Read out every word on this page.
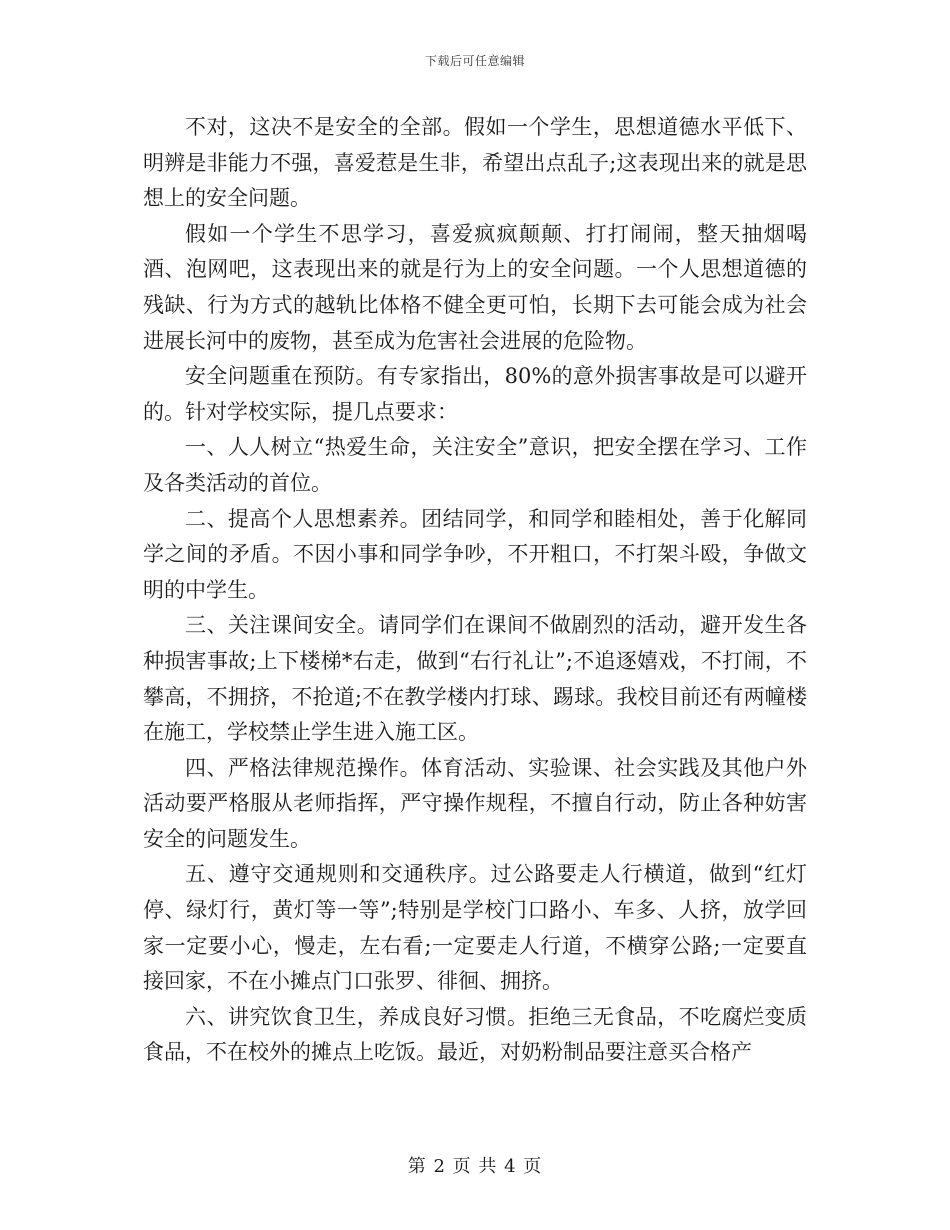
下载后可任意编辑

不对，这决不是安全的全部。假如一个学生，思想道德水平低下、明辨是非能力不强，喜爱惹是生非，希望出点乱子;这表现出来的就是思想上的安全问题。

假如一个学生不思学习，喜爱疯疯颠颠、打打闹闹，整天抽烟喝酒、泡网吧，这表现出来的就是行为上的安全问题。一个人思想道德的残缺、行为方式的越轨比体格不健全更可怕，长期下去可能会成为社会进展长河中的废物，甚至成为危害社会进展的危险物。

安全问题重在预防。有专家指出，80%的意外损害事故是可以避开的。针对学校实际，提几点要求：

一、人人树立“热爱生命，关注安全”意识，把安全摆在学习、工作及各类活动的首位。

二、提高个人思想素养。团结同学，和同学和睦相处，善于化解同学之间的矛盾。不因小事和同学争吵，不开粗口，不打架斗殴，争做文明的中学生。

三、关注课间安全。请同学们在课间不做剧烈的活动，避开发生各种损害事故;上下楼梯*右走，做到“右行礼让”;不追逐嬉戏，不打闹，不攀高，不拥挤，不抢道;不在教学楼内打球、踢球。我校目前还有两幢楼在施工，学校禁止学生进入施工区。

四、严格法律规范操作。体育活动、实验课、社会实践及其他户外活动要严格服从老师指挥，严守操作规程，不擅自行动，防止各种妨害安全的问题发生。

五、遵守交通规则和交通秩序。过公路要走人行横道，做到“红灯停、绿灯行，黄灯等一等”;特别是学校门口路小、车多、人挤，放学回家一定要小心，慢走，左右看;一定要走人行道，不横穿公路;一定要直接回家，不在小摊点门口张罗、徘徊、拥挤。

六、讲究饮食卫生，养成良好习惯。拒绝三无食品，不吃腐烂变质食品，不在校外的摊点上吃饭。最近，对奶粉制品要注意买合格产

第 2 页 共 4 页
